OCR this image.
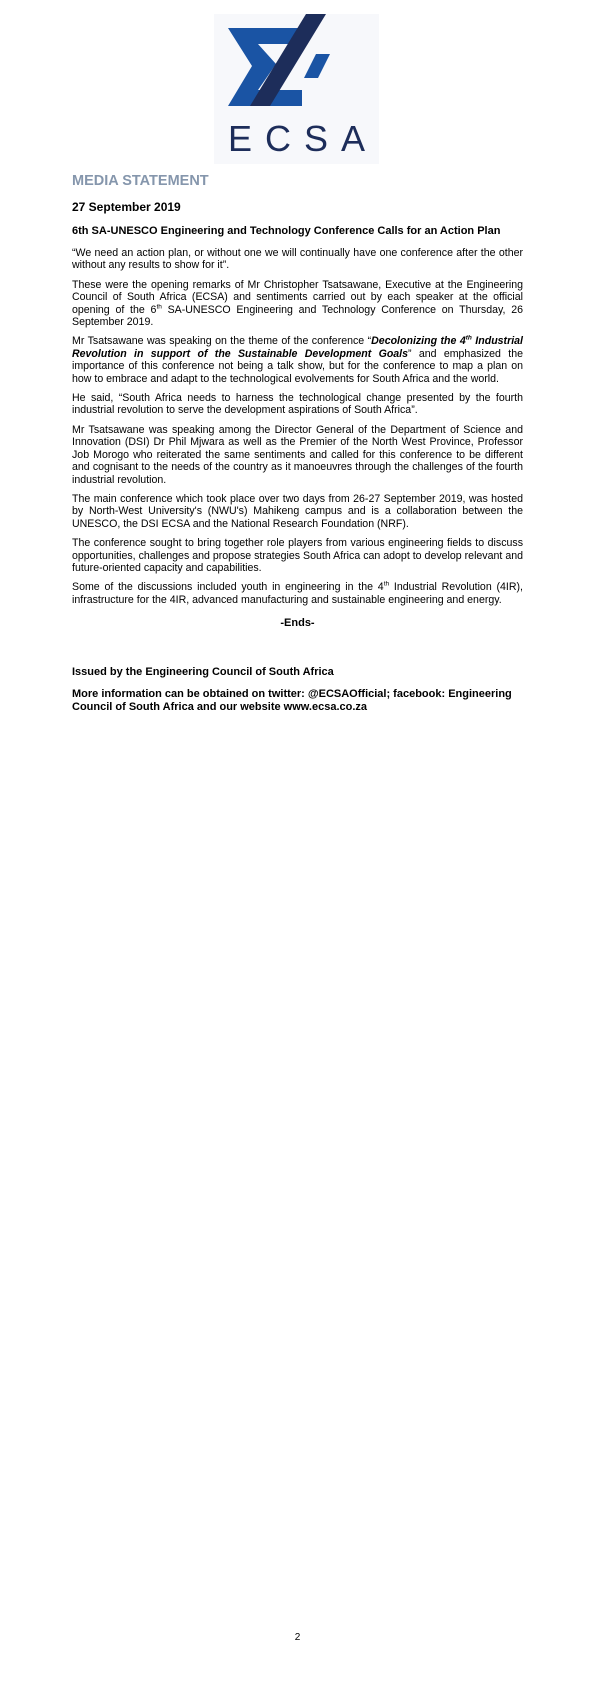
ECSA
MEDIA STATEMENT
27 September 2019
6th SA-UNESCO Engineering and Technology Conference Calls for an Action Plan

“We need an action plan, or without one we will continually have one conference after the other without any results to show for it”.

These were the opening remarks of Mr Christopher Tsatsawane, Executive at the Engineering Council of South Africa (ECSA) and sentiments carried out by each speaker at the official opening of the 6th SA-UNESCO Engineering and Technology Conference on Thursday, 26 September 2019.

Mr Tsatsawane was speaking on the theme of the conference “Decolonizing the 4th Industrial Revolution in support of the Sustainable Development Goals” and emphasized the importance of this conference not being a talk show, but for the conference to map a plan on how to embrace and adapt to the technological evolvements for South Africa and the world.

He said, “South Africa needs to harness the technological change presented by the fourth industrial revolution to serve the development aspirations of South Africa”.

Mr Tsatsawane was speaking among the Director General of the Department of Science and Innovation (DSI) Dr Phil Mjwara as well as the Premier of the North West Province, Professor Job Morogo who reiterated the same sentiments and called for this conference to be different and cognisant to the needs of the country as it manoeuvres through the challenges of the fourth industrial revolution.

The main conference which took place over two days from 26-27 September 2019, was hosted by North-West University's (NWU's) Mahikeng campus and is a collaboration between the UNESCO, the DSI ECSA and the National Research Foundation (NRF).

The conference sought to bring together role players from various engineering fields to discuss opportunities, challenges and propose strategies South Africa can adopt to develop relevant and future-oriented capacity and capabilities.

Some of the discussions included youth in engineering in the 4th Industrial Revolution (4IR), infrastructure for the 4IR, advanced manufacturing and sustainable engineering and energy.

-Ends-
Issued by the Engineering Council of South Africa
More information can be obtained on twitter: @ECSAOfficial; facebook: Engineering Council of South Africa and our website www.ecsa.co.za
2
